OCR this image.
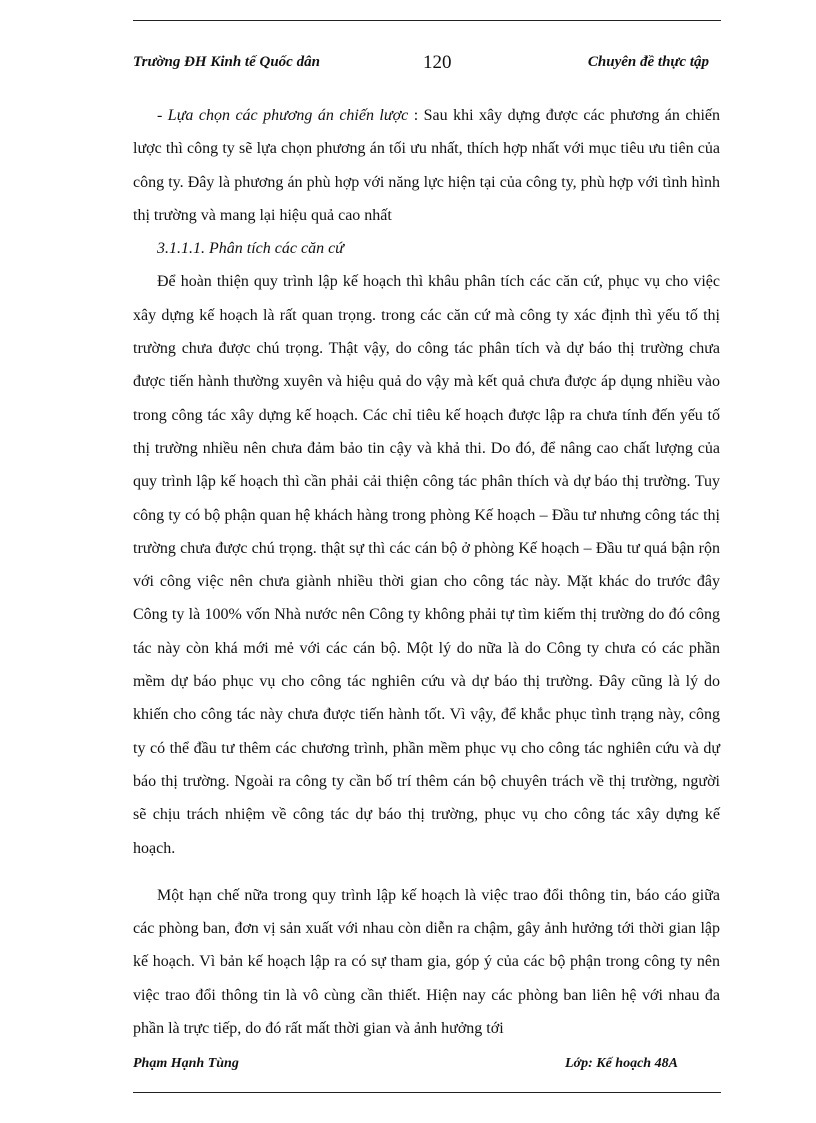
Trường ĐH Kinh tế Quốc dân	120	Chuyên đề thực tập

- Lựa chọn các phương án chiến lược : Sau khi xây dựng được các phương án chiến lược thì công ty sẽ lựa chọn phương án tối ưu nhất, thích hợp nhất với mục tiêu ưu tiên của công ty. Đây là phương án phù hợp với năng lực hiện tại của công ty, phù hợp với tình hình thị trường và mang lại hiệu quả cao nhất

3.1.1.1. Phân tích các căn cứ

Để hoàn thiện quy trình lập kế hoạch thì khâu phân tích các căn cứ, phục vụ cho việc xây dựng kế hoạch là rất quan trọng. trong các căn cứ mà công ty xác định thì yếu tố thị trường chưa được chú trọng. Thật vậy, do công tác phân tích và dự báo thị trường chưa được tiến hành thường xuyên và hiệu quả do vậy mà kết quả chưa được áp dụng nhiều vào trong công tác xây dựng kế hoạch. Các chỉ tiêu kế hoạch được lập ra chưa tính đến yếu tố thị trường nhiều nên chưa đảm bảo tin cậy và khả thi. Do đó, để nâng cao chất lượng của quy trình lập kế hoạch thì cần phải cải thiện công tác phân thích và dự báo thị trường. Tuy công ty có bộ phận quan hệ khách hàng trong phòng Kế hoạch – Đầu tư nhưng công tác thị trường chưa được chú trọng. thật sự thì các cán bộ ở phòng Kế hoạch – Đầu tư quá bận rộn với công việc nên chưa giành nhiều thời gian cho công tác này. Mặt khác do trước đây Công ty là 100% vốn Nhà nước nên Công ty không phải tự tìm kiếm thị trường do đó công tác này còn khá mới mẻ với các cán bộ. Một lý do nữa là do Công ty chưa có các phần mềm dự báo phục vụ cho công tác nghiên cứu và dự báo thị trường. Đây cũng là lý do khiến cho công tác này chưa được tiến hành tốt. Vì vậy, để khắc phục tình trạng này, công ty có thể đầu tư thêm các chương trình, phần mềm phục vụ cho công tác nghiên cứu và dự báo thị trường. Ngoài ra công ty cần bố trí thêm cán bộ chuyên trách về thị trường, người sẽ chịu trách nhiệm về công tác dự báo thị trường, phục vụ cho công tác xây dựng kế hoạch.

Một hạn chế nữa trong quy trình lập kế hoạch là việc trao đổi thông tin, báo cáo giữa các phòng ban, đơn vị sản xuất với nhau còn diễn ra chậm, gây ảnh hưởng tới thời gian lập kế hoạch. Vì bản kế hoạch lập ra có sự tham gia, góp ý của các bộ phận trong công ty nên việc trao đổi thông tin là vô cùng cần thiết. Hiện nay các phòng ban liên hệ với nhau đa phần là trực tiếp, do đó rất mất thời gian và ảnh hưởng tới

Phạm Hạnh Tùng	Lớp: Kế hoạch 48A
